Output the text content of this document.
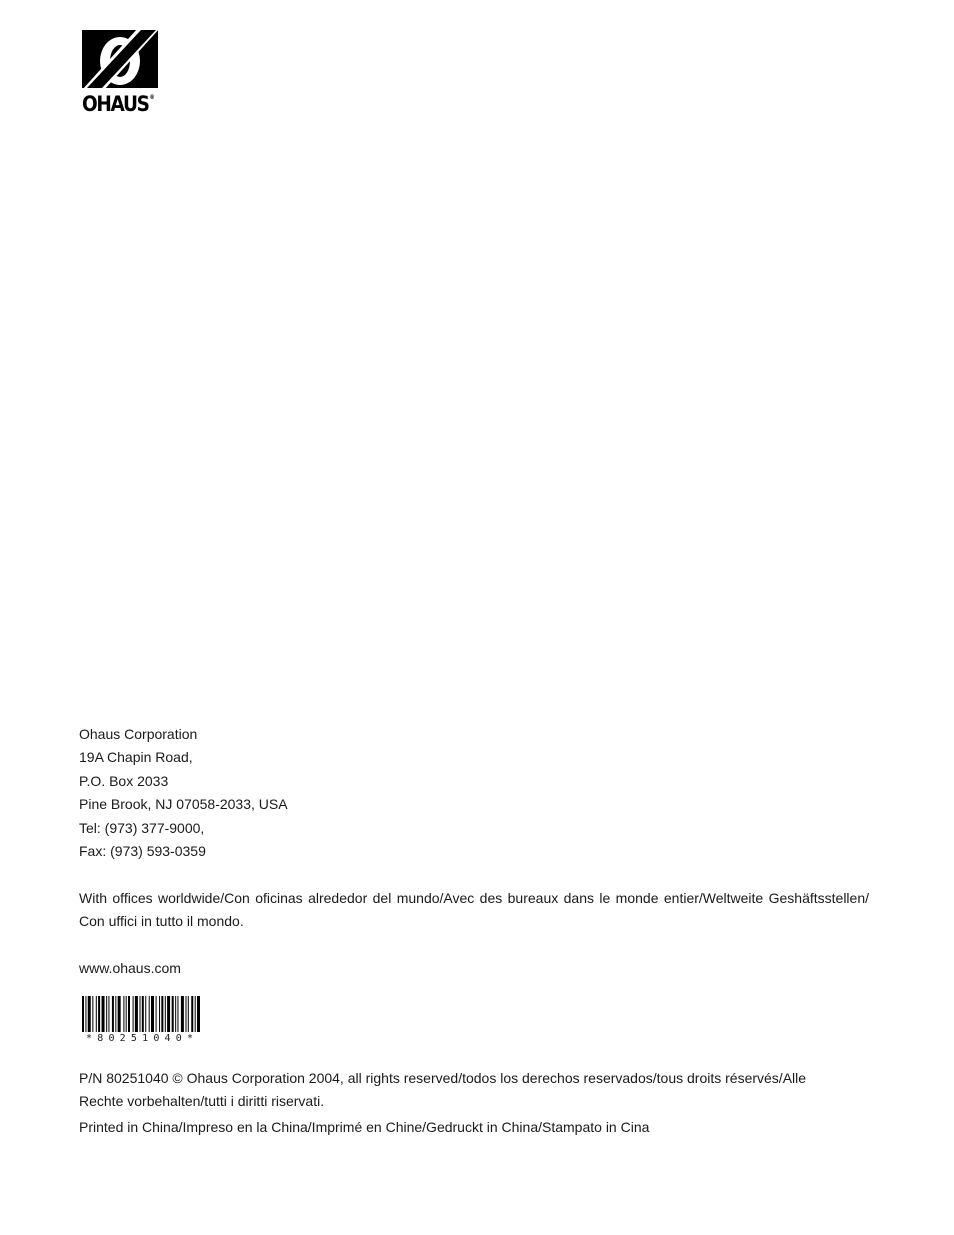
OHAUS®
Ohaus Corporation
19A Chapin Road,
P.O. Box 2033
Pine Brook, NJ 07058-2033, USA
Tel: (973) 377-9000,
Fax: (973) 593-0359
With offices worldwide/Con oficinas alrededor del mundo/Avec des bureaux dans le monde entier/Weltweite Geshäftsstellen/
Con uffici in tutto il mondo.
www.ohaus.com
*80251040*
P/N 80251040 © Ohaus Corporation 2004, all rights reserved/todos los derechos reservados/tous droits réservés/Alle
Rechte vorbehalten/tutti i diritti riservati.
Printed in China/Impreso en la China/Imprimé en Chine/Gedruckt in China/Stampato in Cina
